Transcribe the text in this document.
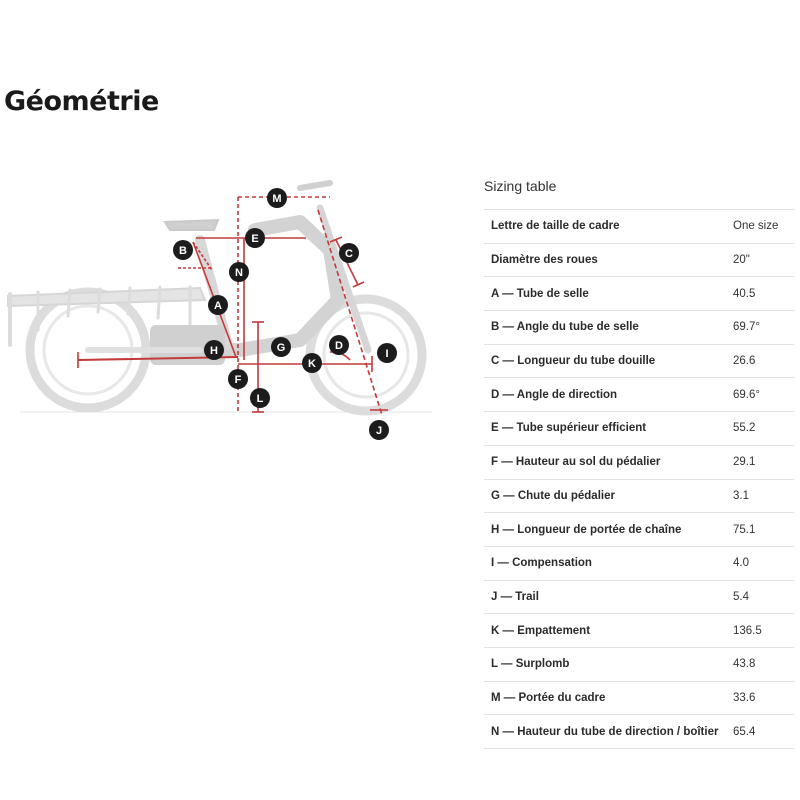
Géométrie
M
E
B	C
N
A
H	G	D
I
K
F
L
J
Sizing table
Lettre de taille de cadre	One size
Diamètre des roues	20"
A — Tube de selle	40.5
B — Angle du tube de selle	69.7°
C — Longueur du tube douille	26.6
D — Angle de direction	69.6°
E — Tube supérieur efficient	55.2
F — Hauteur au sol du pédalier	29.1
G — Chute du pédalier	3.1
H — Longueur de portée de chaîne	75.1
I — Compensation	4.0
J — Trail	5.4
K — Empattement	136.5
L — Surplomb	43.8
M — Portée du cadre	33.6
N — Hauteur du tube de direction / boîtier	65.4
